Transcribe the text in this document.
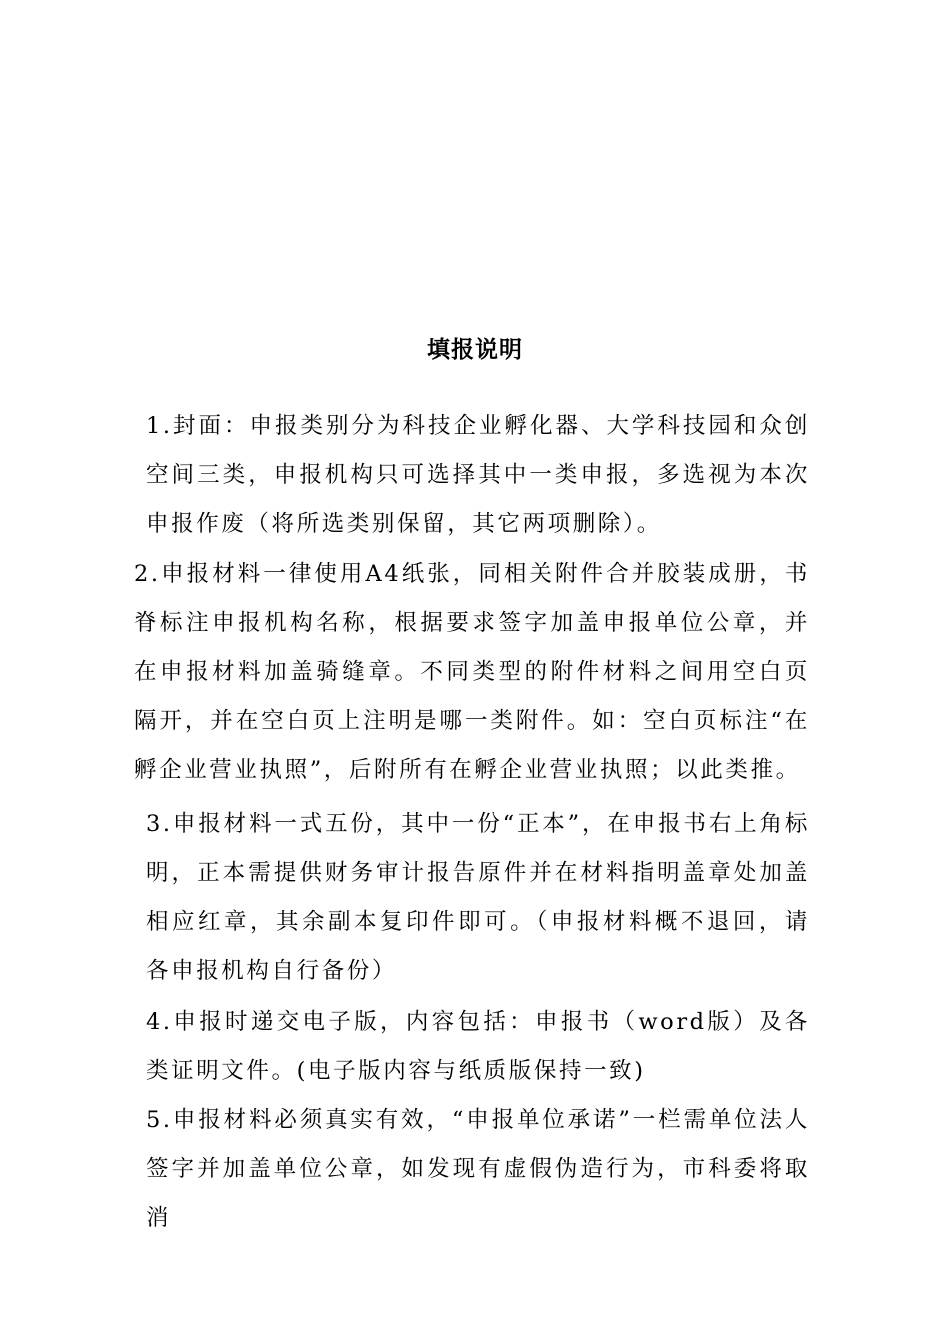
填报说明
1.封面：申报类别分为科技企业孵化器、大学科技园和众创空间三类，申报机构只可选择其中一类申报，多选视为本次申报作废（将所选类别保留，其它两项删除）。
2.申报材料一律使用A4纸张，同相关附件合并胶装成册，书脊标注申报机构名称，根据要求签字加盖申报单位公章，并在申报材料加盖骑缝章。不同类型的附件材料之间用空白页隔开，并在空白页上注明是哪一类附件。如：空白页标注“在孵企业营业执照”，后附所有在孵企业营业执照；以此类推。
3.申报材料一式五份，其中一份“正本”，在申报书右上角标明，正本需提供财务审计报告原件并在材料指明盖章处加盖相应红章，其余副本复印件即可。（申报材料概不退回，请各申报机构自行备份）
4.申报时递交电子版，内容包括：申报书（word版）及各类证明文件。(电子版内容与纸质版保持一致)
5.申报材料必须真实有效，“申报单位承诺”一栏需单位法人签字并加盖单位公章，如发现有虚假伪造行为，市科委将取消
